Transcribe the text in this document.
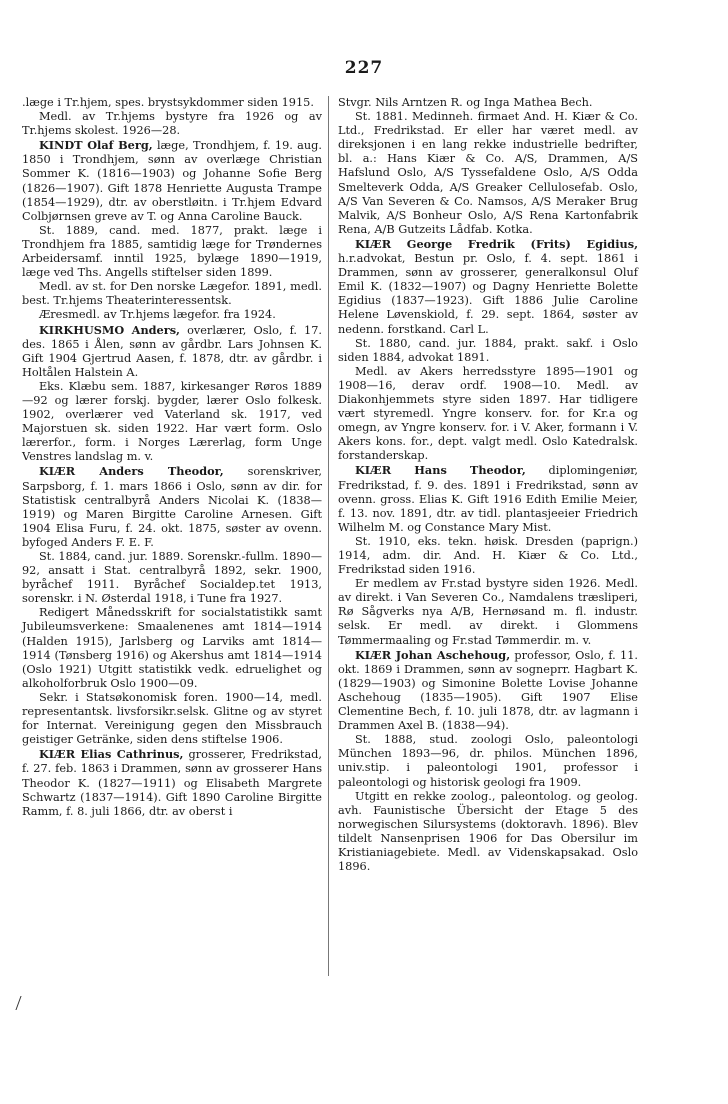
227

.læge i Tr.hjem, spes. brystsykdommer siden 1915.

Medl. av Tr.hjems bystyre fra 1926 og av Tr.hjems skolest. 1926—28.

KINDT Olaf Berg, læge, Trondhjem, f. 19. aug. 1850 i Trondhjem, sønn av overlæge Christian Sommer K. (1816—1903) og Johanne Sofie Berg (1826—1907). Gift 1878 Henriette Augusta Trampe (1854—1929), dtr. av oberstløitn. i Tr.hjem Edvard Colbjørnsen greve av T. og Anna Caroline Bauck.

St. 1889, cand. med. 1877, prakt. læge i Trondhjem fra 1885, samtidig læge for Trøndernes Arbeidersamf. inntil 1925, bylæge 1890—1919, læge ved Ths. Angells stiftelser siden 1899.

Medl. av st. for Den norske Lægefor. 1891, medl. best. Tr.hjems Theaterinteressentsk.

Æresmedl. av Tr.hjems lægefor. fra 1924.

KIRKHUSMO Anders, overlærer, Oslo, f. 17. des. 1865 i Ålen, sønn av gårdbr. Lars Johnsen K. Gift 1904 Gjertrud Aasen, f. 1878, dtr. av gårdbr. i Holtålen Halstein A.

Eks. Klæbu sem. 1887, kirkesanger Røros 1889—92 og lærer forskj. bygder, lærer Oslo folkesk. 1902, overlærer ved Vaterland sk. 1917, ved Majorstuen sk. siden 1922. Har vært form. Oslo lærerfor., form. i Norges Lærerlag, form Unge Venstres landslag m. v.

KIÆR Anders Theodor, sorenskriver, Sarpsborg, f. 1. mars 1866 i Oslo, sønn av dir. for Statistisk centralbyrå Anders Nicolai K. (1838—1919) og Maren Birgitte Caroline Arnesen. Gift 1904 Elisa Furu, f. 24. okt. 1875, søster av ovenn. byfoged Anders F. E. F.

St. 1884, cand. jur. 1889. Sorenskr.-fullm. 1890—92, ansatt i Stat. centralbyrå 1892, sekr. 1900, byråchef 1911. Byråchef Socialdep.tet 1913, sorenskr. i N. Østerdal 1918, i Tune fra 1927.

Redigert Månedsskrift for socialstatistikk samt Jubileumsverkene: Smaalenenes amt 1814—1914 (Halden 1915), Jarlsberg og Larviks amt 1814—1914 (Tønsberg 1916) og Akershus amt 1814—1914 (Oslo 1921) Utgitt statistikk vedk. edruelighet og alkoholforbruk Oslo 1900—09.

Sekr. i Statsøkonomisk foren. 1900—14, medl. representantsk. livsforsikr.selsk. Glitne og av styret for Internat. Vereinigung gegen den Missbrauch geistiger Getränke, siden dens stiftelse 1906.

KIÆR Elias Cathrinus, grosserer, Fredrikstad, f. 27. feb. 1863 i Drammen, sønn av grosserer Hans Theodor K. (1827—1911) og Elisabeth Margrete Schwartz (1837—1914). Gift 1890 Caroline Birgitte Ramm, f. 8. juli 1866, dtr. av oberst i

Stvgr. Nils Arntzen R. og Inga Mathea Bech.

St. 1881. Medinneh. firmaet And. H. Kiær & Co. Ltd., Fredrikstad. Er eller har været medl. av direksjonen i en lang rekke industrielle bedrifter, bl. a.: Hans Kiær & Co. A/S, Drammen, A/S Hafslund Oslo, A/S Tyssefaldene Oslo, A/S Odda Smelteverk Odda, A/S Greaker Cellulosefab. Oslo, A/S Van Severen & Co. Namsos, A/S Meraker Brug Malvik, A/S Bonheur Oslo, A/S Rena Kartonfabrik Rena, A/B Gutzeits Lådfab. Kotka.

KIÆR George Fredrik (Frits) Egidius, h.r.advokat, Bestun pr. Oslo, f. 4. sept. 1861 i Drammen, sønn av grosserer, generalkonsul Oluf Emil K. (1832—1907) og Dagny Henriette Bolette Egidius (1837—1923). Gift 1886 Julie Caroline Helene Løvenskiold, f. 29. sept. 1864, søster av nedenn. forstkand. Carl L.

St. 1880, cand. jur. 1884, prakt. sakf. i Oslo siden 1884, advokat 1891.

Medl. av Akers herredsstyre 1895—1901 og 1908—16, derav ordf. 1908—10. Medl. av Diakonhjemmets styre siden 1897. Har tidligere vært styremedl. Yngre konserv. for. for Kr.a og omegn, av Yngre konserv. for. i V. Aker, formann i V. Akers kons. for., dept. valgt medl. Oslo Katedralsk. forstanderskap.

KIÆR Hans Theodor, diplomingeniør, Fredrikstad, f. 9. des. 1891 i Fredrikstad, sønn av ovenn. gross. Elias K. Gift 1916 Edith Emilie Meier, f. 13. nov. 1891, dtr. av tidl. plantasjeeier Friedrich Wilhelm M. og Constance Mary Mist.

St. 1910, eks. tekn. høisk. Dresden (paprign.) 1914, adm. dir. And. H. Kiær & Co. Ltd., Fredrikstad siden 1916.

Er medlem av Fr.stad bystyre siden 1926. Medl. av direkt. i Van Severen Co., Namdalens træsliperi, Rø Sågverks nya A/B, Hernøsand m. fl. industr. selsk. Er medl. av direkt. i Glommens Tømmermaaling og Fr.stad Tømmerdir. m. v.

KIÆR Johan Aschehoug, professor, Oslo, f. 11. okt. 1869 i Drammen, sønn av sogneprr. Hagbart K. (1829—1903) og Simonine Bolette Lovise Johanne Aschehoug (1835—1905). Gift 1907 Elise Clementine Bech, f. 10. juli 1878, dtr. av lagmann i Drammen Axel B. (1838—94).

St. 1888, stud. zoologi Oslo, paleontologi München 1893—96, dr. philos. München 1896, univ.stip. i paleontologi 1901, professor i paleontologi og historisk geologi fra 1909.

Utgitt en rekke zoolog., paleontolog. og geolog. avh. Faunistische Übersicht der Etage 5 des norwegischen Silursystems (doktoravh. 1896). Blev tildelt Nansenprisen 1906 for Das Obersilur im Kristianiagebiete. Medl. av Videnskapsakad. Oslo 1896.
